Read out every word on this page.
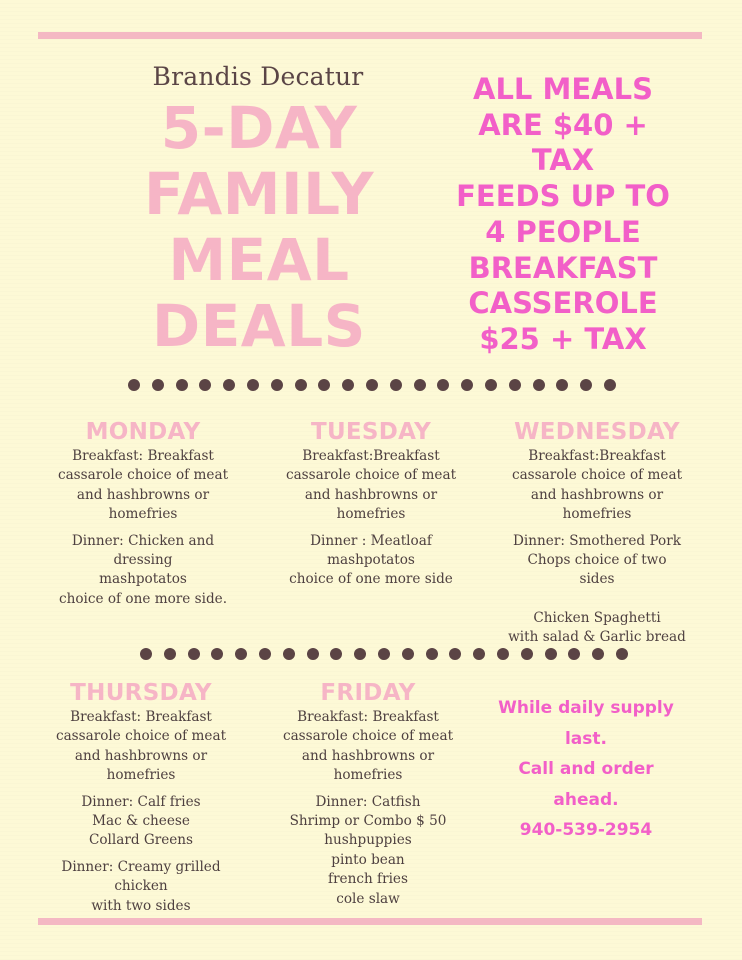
Brandis Decatur
5-DAY
FAMILY
MEAL
DEALS
ALL MEALS
ARE $40 +
TAX
FEEDS UP TO
4 PEOPLE
BREAKFAST
CASSEROLE
$25 + TAX
MONDAY
Breakfast: Breakfast
cassarole choice of meat
and hashbrowns or
homefries
Dinner: Chicken and
dressing
mashpotatos
choice of one more side.
TUESDAY
Breakfast:Breakfast
cassarole choice of meat
and hashbrowns or
homefries
Dinner : Meatloaf
mashpotatos
choice of one more side
WEDNESDAY
Breakfast:Breakfast
cassarole choice of meat
and hashbrowns or
homefries
Dinner: Smothered Pork
Chops choice of two
sides
Chicken Spaghetti
with salad & Garlic bread
THURSDAY
Breakfast: Breakfast
cassarole choice of meat
and hashbrowns or
homefries
Dinner: Calf fries
Mac & cheese
Collard Greens
Dinner: Creamy grilled
chicken
with two sides
FRIDAY
Breakfast: Breakfast
cassarole choice of meat
and hashbrowns or
homefries
Dinner: Catfish
Shrimp or Combo $ 50
hushpuppies
pinto bean
french fries
cole slaw
While daily supply
last.
Call and order
ahead.
940-539-2954
